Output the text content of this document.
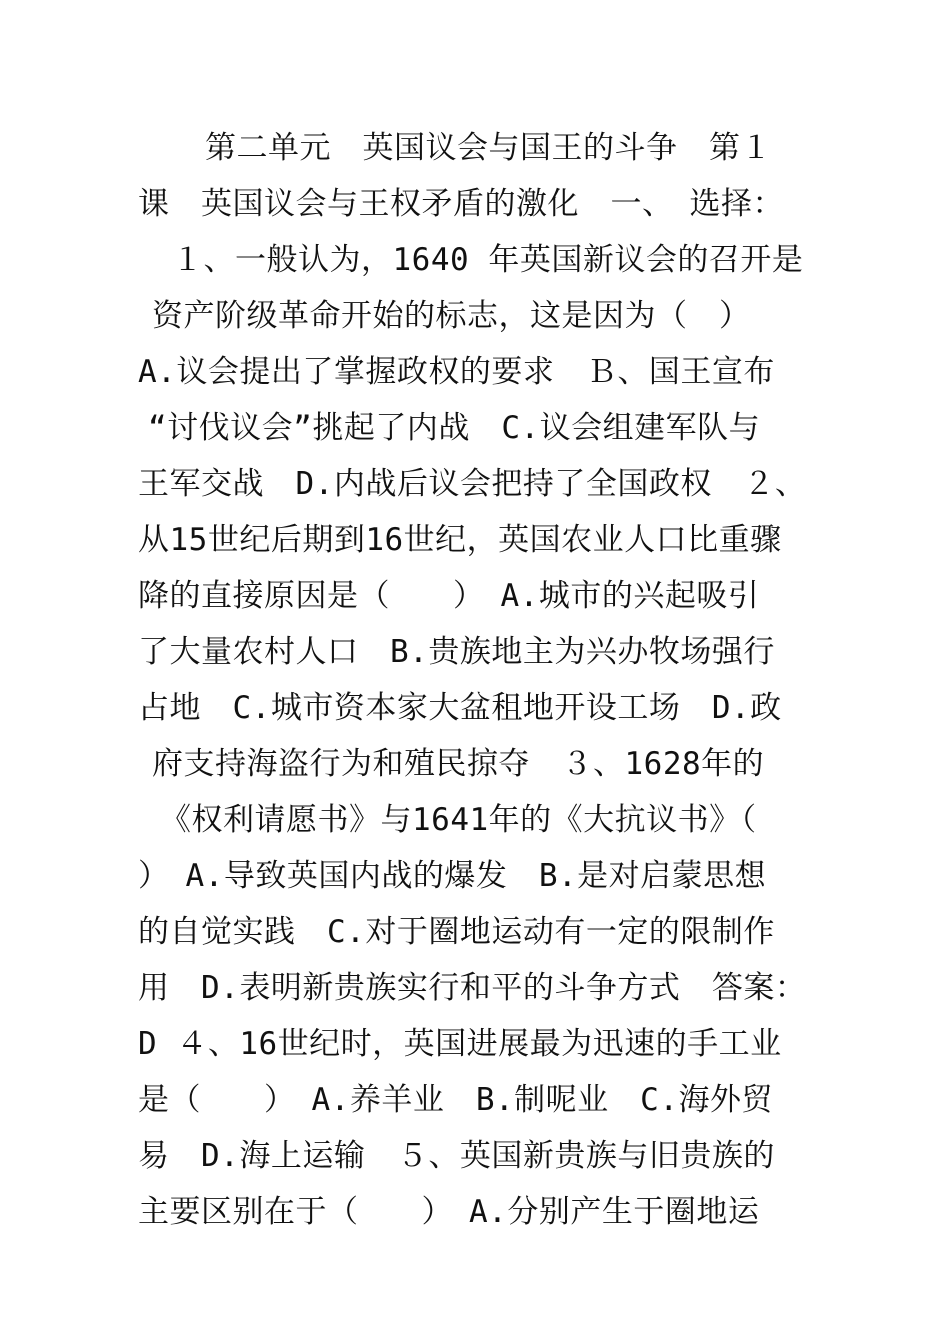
第二单元　英国议会与国王的斗争　第１
课　英国议会与王权矛盾的激化　一、　选择：
１、一般认为，1640 年英国新议会的召开是
资产阶级革命开始的标志，这是因为（　）
A.议会提出了掌握政权的要求　Ｂ、国王宣布
“讨伐议会”挑起了内战　C.议会组建军队与
王军交战　D.内战后议会把持了全国政权　２、
从15世纪后期到16世纪，英国农业人口比重骤
降的直接原因是（　　）　A.城市的兴起吸引
了大量农村人口　B.贵族地主为兴办牧场强行
占地　C.城市资本家大盆租地开设工场　D.政
府支持海盗行为和殖民掠夺　３、1628年的
《权利请愿书》与1641年的《大抗议书》（
）　A.导致英国内战的爆发　B.是对启蒙思想
的自觉实践　C.对于圈地运动有一定的限制作
用　D.表明新贵族实行和平的斗争方式　答案：
D ４、16世纪时，英国进展最为迅速的手工业
是（　　）　A.养羊业　B.制呢业　C.海外贸
易　D.海上运输　５、英国新贵族与旧贵族的
主要区别在于（　　）　A.分别产生于圈地运
